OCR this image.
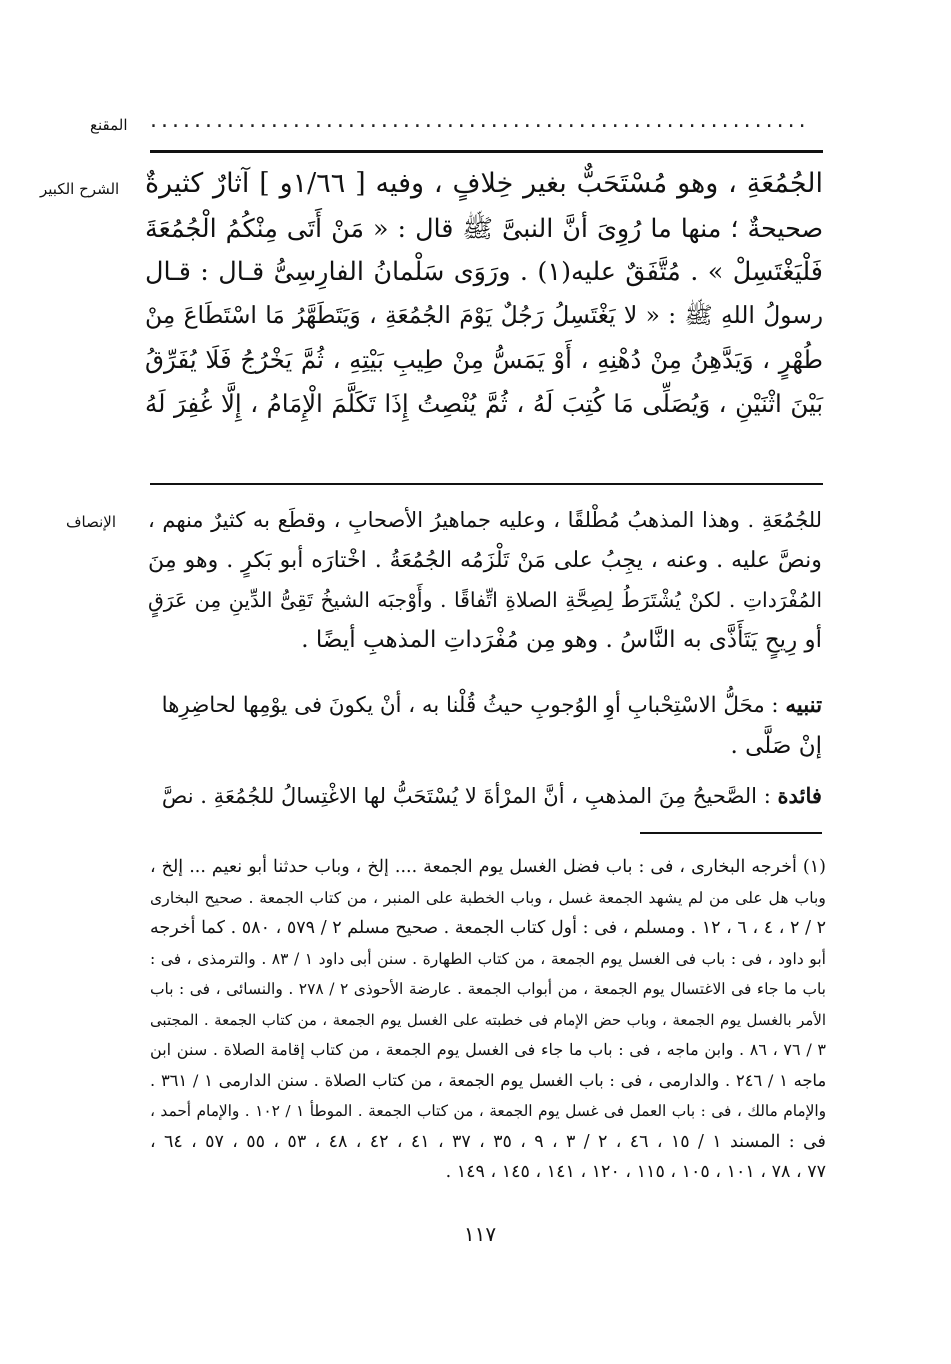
المقنع ............................................................
الشرح الكبير الجُمُعَةِ ، وهو مُسْتَحَبٌّ بغير خِلافٍ ، وفيه [ ١/٦٦و ] آثارٌ كثيرةٌ
صحيحةٌ ؛ منها ما رُوِىَ أنَّ النبىَّ ﷺ قال : « مَنْ أَتَى مِنْكُمُ الْجُمُعَةَ
فَلْيَغْتَسِلْ » . مُتَّفَقٌ عليه(١) . ورَوَى سَلْمانُ الفارِسِىُّ قـال : قـال
رسولُ اللهِ ﷺ : « لا يَغْتَسِلُ رَجُلٌ يَوْمَ الجُمُعَةِ ، وَيَتَطَهَّرُ مَا اسْتَطَاعَ مِنْ
طُهْرٍ ، وَيَدَّهِنُ مِنْ دُهْنِهِ ، أَوْ يَمَسُّ مِنْ طِيبِ بَيْتِهِ ، ثُمَّ يَخْرُجُ فَلَا يُفَرِّقُ
بَيْنَ اثْنَيْنِ ، وَيُصَلِّى مَا كُتِبَ لَهُ ، ثُمَّ يُنْصِتُ إِذَا تَكَلَّمَ الْإِمَامُ ، إِلَّا غُفِرَ لَهُ
الإنصاف للجُمُعَةِ . وهذا المذهبُ مُطْلقًا ، وعليه جماهيرُ الأصحابِ ، وقطَع به كثيرٌ منهم ،
ونصَّ عليه . وعنه ، يجِبُ على مَنْ تَلْزَمُه الجُمُعَةُ . اخْتارَه أبو بَكرٍ . وهو مِنَ
المُفْرَداتِ . لكنْ يُشْتَرَطُ لِصِحَّةِ الصلاةِ اتِّفاقًا . وأَوْجبَه الشيخُ تَقِىُّ الدِّينِ مِن عَرَقٍ
أو رِيحٍ يَتَأَذَّى به النَّاسُ . وهو مِن مُفْرَداتِ المذهبِ أيضًا .
تنبيه : محَلُّ الاسْتِحْبابِ أوِ الوُجوبِ حيثُ قُلْنا به ، أنْ يكونَ فى يوْمِها لحاضِرِها
إنْ صَلَّى .
فائدة : الصَّحيحُ مِنَ المذهبِ ، أنَّ المرْأةَ لا يُسْتَحَبُّ لها الاغْتِسالُ للجُمُعَةِ . نصَّ
(١) أخرجه البخارى ، فى : باب فضل الغسل يوم الجمعة .... إلخ ، وباب حدثنا أبو نعيم ... إلخ ،
وباب هل على من لم يشهد الجمعة غسل ، وباب الخطبة على المنبر ، من كتاب الجمعة . صحيح البخارى
٢ / ٢ ، ٤ ، ٦ ، ١٢ . ومسلم ، فى : أول كتاب الجمعة . صحيح مسلم ٢ / ٥٧٩ ، ٥٨٠ . كما أخرجه
أبو داود ، فى : باب فى الغسل يوم الجمعة ، من كتاب الطهارة . سنن أبى داود ١ / ٨٣ . والترمذى ، فى :
باب ما جاء فى الاغتسال يوم الجمعة ، من أبواب الجمعة . عارضة الأحوذى ٢ / ٢٧٨ . والنسائى ، فى : باب
الأمر بالغسل يوم الجمعة ، وباب حض الإمام فى خطبته على الغسل يوم الجمعة ، من كتاب الجمعة . المجتبى
٣ / ٧٦ ، ٨٦ . وابن ماجه ، فى : باب ما جاء فى الغسل يوم الجمعة ، من كتاب إقامة الصلاة . سنن ابن
ماجه ١ / ٢٤٦ . والدارمى ، فى : باب الغسل يوم الجمعة ، من كتاب الصلاة . سنن الدارمى ١ / ٣٦١ .
والإمام مالك ، فى : باب العمل فى غسل يوم الجمعة ، من كتاب الجمعة . الموطأ ١ / ١٠٢ . والإمام أحمد ،
فى : المسند ١ / ١٥ ، ٤٦ ، ٢ / ٣ ، ٩ ، ٣٥ ، ٣٧ ، ٤١ ، ٤٢ ، ٤٨ ، ٥٣ ، ٥٥ ، ٥٧ ، ٦٤ ،
٧٧ ، ٧٨ ، ١٠١ ، ١٠٥ ، ١١٥ ، ١٢٠ ، ١٤١ ، ١٤٥ ، ١٤٩ .
١١٧
